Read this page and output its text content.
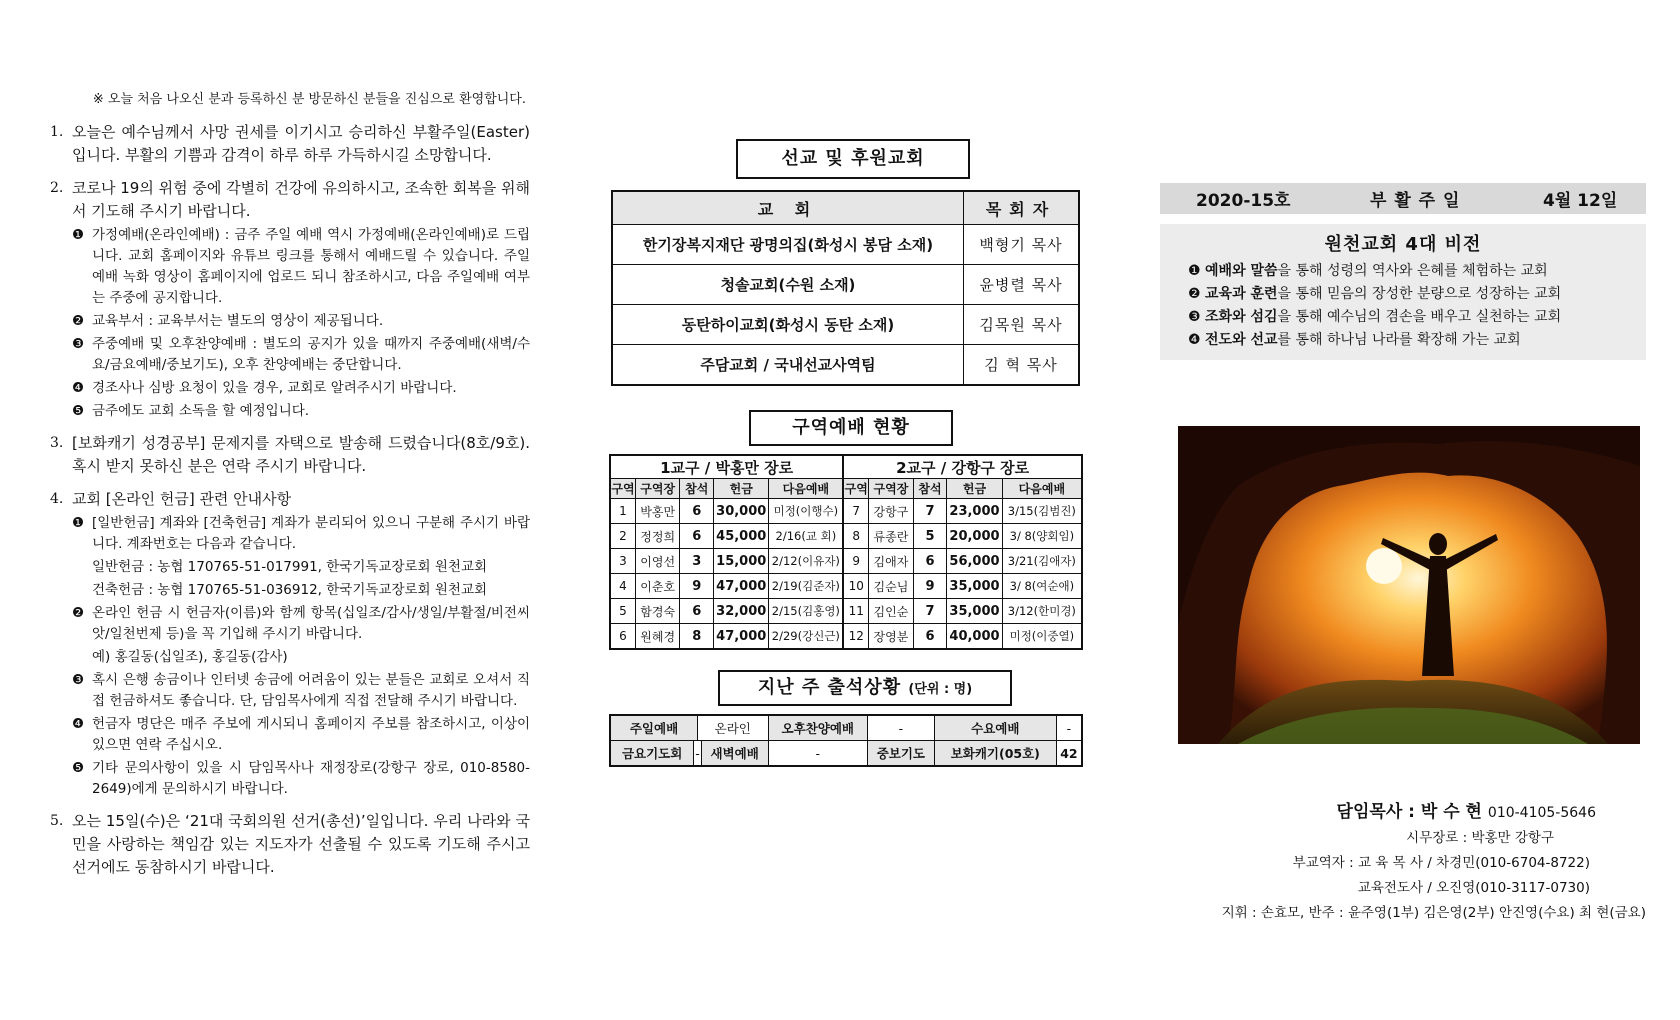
※ 오늘 처음 나오신 분과 등록하신 분 방문하신 분들을 진심으로 환영합니다.
1. 오늘은 예수님께서 사망 권세를 이기시고 승리하신 부활주일(Easter)입니다. 부활의 기쁨과 감격이 하루 하루 가득하시길 소망합니다.
2. 코로나 19의 위험 중에 각별히 건강에 유의하시고, 조속한 회복을 위해서 기도해 주시기 바랍니다.
❶ 가정예배(온라인예배) : 금주 주일 예배 역시 가정예배(온라인예배)로 드립니다. 교회 홈페이지와 유튜브 링크를 통해서 예배드릴 수 있습니다. 주일 예배 녹화 영상이 홈페이지에 업로드 되니 참조하시고, 다음 주일예배 여부는 주중에 공지합니다.
❷ 교육부서 : 교육부서는 별도의 영상이 제공됩니다.
❸ 주중예배 및 오후찬양예배 : 별도의 공지가 있을 때까지 주중예배(새벽/수요/금요예배/중보기도), 오후 찬양예배는 중단합니다.
❹ 경조사나 심방 요청이 있을 경우, 교회로 알려주시기 바랍니다.
❺ 금주에도 교회 소독을 할 예정입니다.
3. [보화캐기 성경공부] 문제지를 자택으로 발송해 드렸습니다(8호/9호). 혹시 받지 못하신 분은 연락 주시기 바랍니다.
4. 교회 [온라인 헌금] 관련 안내사항
❶ [일반헌금] 계좌와 [건축헌금] 계좌가 분리되어 있으니 구분해 주시기 바랍니다. 계좌번호는 다음과 같습니다.
일반헌금 : 농협 170765-51-017991, 한국기독교장로회 원천교회
건축헌금 : 농협 170765-51-036912, 한국기독교장로회 원천교회
❷ 온라인 헌금 시 헌금자(이름)와 함께 항목(십일조/감사/생일/부활절/비전씨앗/일천번제 등)을 꼭 기입해 주시기 바랍니다.
예) 홍길동(십일조), 홍길동(감사)
❸ 혹시 은행 송금이나 인터넷 송금에 어려움이 있는 분들은 교회로 오셔서 직접 헌금하셔도 좋습니다. 단, 담임목사에게 직접 전달해 주시기 바랍니다.
❹ 헌금자 명단은 매주 주보에 게시되니 홈페이지 주보를 참조하시고, 이상이 있으면 연락 주십시오.
❺ 기타 문의사항이 있을 시 담임목사나 재정장로(강항구 장로, 010-8580-2649)에게 문의하시기 바랍니다.
5. 오는 15일(수)은 ‘21대 국회의원 선거(총선)’일입니다. 우리 나라와 국민을 사랑하는 책임감 있는 지도자가 선출될 수 있도록 기도해 주시고 선거에도 동참하시기 바랍니다.
선교 및 후원교회
교 회	목회자
한기장복지재단 광명의집(화성시 봉담 소재)	백형기 목사
청솔교회(수원 소재)	윤병렬 목사
동탄하이교회(화성시 동탄 소재)	김목원 목사
주담교회 / 국내선교사역팀	김 혁 목사
구역예배 현황
1교구 / 박홍만 장로					2교구 / 강항구 장로				
구역	구역장	참석	헌금	다음예배	구역	구역장	참석	헌금	다음예배
1	박홍만	6	30,000	미정(이행수)	7	강항구	7	23,000	3/15(김범진)
2	정정희	6	45,000	2/16(교 회)	8	류종란	5	20,000	3/ 8(양회임)
3	이영선	3	15,000	2/12(이유자)	9	김애자	6	56,000	3/21(김애자)
4	이춘호	9	47,000	2/19(김준자)	10	김순님	9	35,000	3/ 8(여순애)
5	함경숙	6	32,000	2/15(김홍영)	11	김인순	7	35,000	3/12(한미경)
6	원혜경	8	47,000	2/29(강신근)	12	장영분	6	40,000	미정(이중열)
지난 주 출석상황 (단위 : 명)
주일예배		온라인		오후찬양예배	-	수요예배	-
금요기도회	-		새벽예배	-	중보기도	보화캐기(05호)	42
2020-15호	부 활 주 일	4월 12일
원천교회 4대 비전
❶ 예배와 말씀을 통해 성령의 역사와 은혜를 체험하는 교회
❷ 교육과 훈련을 통해 믿음의 장성한 분량으로 성장하는 교회
❸ 조화와 섬김을 통해 예수님의 겸손을 배우고 실천하는 교회
❹ 전도와 선교를 통해 하나님 나라를 확장해 가는 교회
담임목사 : 박 수 현 010-4105-5646
시무장로 : 박홍만 강항구
부교역자 : 교 육 목 사 / 차경민(010-6704-8722)
교육전도사 / 오진영(010-3117-0730)
지휘 : 손효모, 반주 : 윤주영(1부) 김은영(2부) 안진영(수요) 최 현(금요)
